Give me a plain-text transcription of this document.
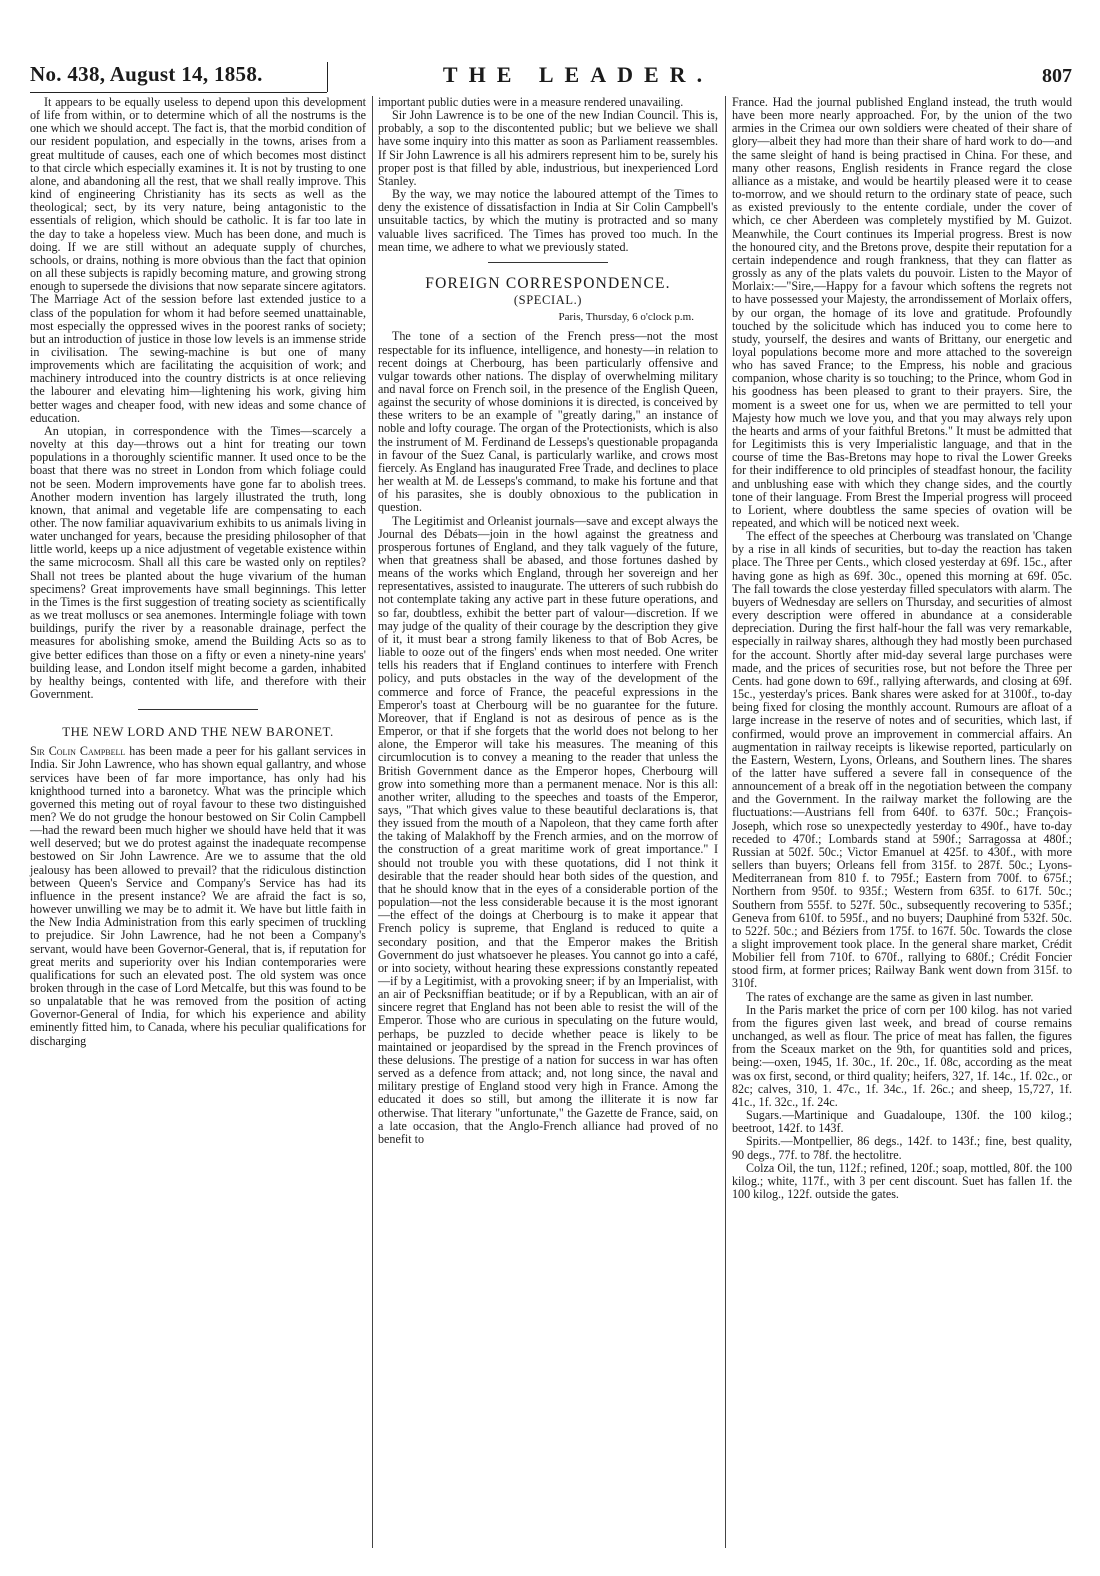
No. 438, August 14, 1858.	THE LEADER.	807

It appears to be equally useless to depend upon this development of life from within, or to determine which of all the nostrums is the one which we should accept. The fact is, that the morbid condition of our resident population, and especially in the towns, arises from a great multitude of causes, each one of which becomes most distinct to that circle which especially examines it. It is not by trusting to one alone, and abandoning all the rest, that we shall really improve. This kind of engineering Christianity has its sects as well as the theological; sect, by its very nature, being antagonistic to the essentials of religion, which should be catholic. It is far too late in the day to take a hopeless view. Much has been done, and much is doing. If we are still without an adequate supply of churches, schools, or drains, nothing is more obvious than the fact that opinion on all these subjects is rapidly becoming mature, and growing strong enough to supersede the divisions that now separate sincere agitators. The Marriage Act of the session before last extended justice to a class of the population for whom it had before seemed unattainable, most especially the oppressed wives in the poorest ranks of society; but an introduction of justice in those low levels is an immense stride in civilisation. The sewing-machine is but one of many improvements which are facilitating the acquisition of work; and machinery introduced into the country districts is at once relieving the labourer and elevating him—lightening his work, giving him better wages and cheaper food, with new ideas and some chance of education.

An utopian, in correspondence with the Times—scarcely a novelty at this day—throws out a hint for treating our town populations in a thoroughly scientific manner. It used once to be the boast that there was no street in London from which foliage could not be seen. Modern improvements have gone far to abolish trees. Another modern invention has largely illustrated the truth, long known, that animal and vegetable life are compensating to each other. The now familiar aquavivarium exhibits to us animals living in water unchanged for years, because the presiding philosopher of that little world, keeps up a nice adjustment of vegetable existence within the same microcosm. Shall all this care be wasted only on reptiles? Shall not trees be planted about the huge vivarium of the human specimens? Great improvements have small beginnings. This letter in the Times is the first suggestion of treating society as scientifically as we treat molluscs or sea anemones. Intermingle foliage with town buildings, purify the river by a reasonable drainage, perfect the measures for abolishing smoke, amend the Building Acts so as to give better edifices than those on a fifty or even a ninety-nine years' building lease, and London itself might become a garden, inhabited by healthy beings, contented with life, and therefore with their Government.

THE NEW LORD AND THE NEW BARONET.

Sir Colin Campbell has been made a peer for his gallant services in India. Sir John Lawrence, who has shown equal gallantry, and whose services have been of far more importance, has only had his knighthood turned into a baronetcy. What was the principle which governed this meting out of royal favour to these two distinguished men? We do not grudge the honour bestowed on Sir Colin Campbell—had the reward been much higher we should have held that it was well deserved; but we do protest against the inadequate recompense bestowed on Sir John Lawrence. Are we to assume that the old jealousy has been allowed to prevail? that the ridiculous distinction between Queen's Service and Company's Service has had its influence in the present instance? We are afraid the fact is so, however unwilling we may be to admit it. We have but little faith in the New India Administration from this early specimen of truckling to prejudice. Sir John Lawrence, had he not been a Company's servant, would have been Governor-General, that is, if reputation for great merits and superiority over his Indian contemporaries were qualifications for such an elevated post. The old system was once broken through in the case of Lord Metcalfe, but this was found to be so unpalatable that he was removed from the position of acting Governor-General of India, for which his experience and ability eminently fitted him, to Canada, where his peculiar qualifications for discharging

important public duties were in a measure rendered unavailing.

Sir John Lawrence is to be one of the new Indian Council. This is, probably, a sop to the discontented public; but we believe we shall have some inquiry into this matter as soon as Parliament reassembles. If Sir John Lawrence is all his admirers represent him to be, surely his proper post is that filled by able, industrious, but inexperienced Lord Stanley.

By the way, we may notice the laboured attempt of the Times to deny the existence of dissatisfaction in India at Sir Colin Campbell's unsuitable tactics, by which the mutiny is protracted and so many valuable lives sacrificed. The Times has proved too much. In the mean time, we adhere to what we previously stated.

FOREIGN CORRESPONDENCE.
(SPECIAL.)
Paris, Thursday, 6 o'clock p.m.

The tone of a section of the French press—not the most respectable for its influence, intelligence, and honesty—in relation to recent doings at Cherbourg, has been particularly offensive and vulgar towards other nations. The display of overwhelming military and naval force on French soil, in the presence of the English Queen, against the security of whose dominions it is directed, is conceived by these writers to be an example of "greatly daring," an instance of noble and lofty courage. The organ of the Protectionists, which is also the instrument of M. Ferdinand de Lesseps's questionable propaganda in favour of the Suez Canal, is particularly warlike, and crows most fiercely. As England has inaugurated Free Trade, and declines to place her wealth at M. de Lesseps's command, to make his fortune and that of his parasites, she is doubly obnoxious to the publication in question.

The Legitimist and Orleanist journals—save and except always the Journal des Débats—join in the howl against the greatness and prosperous fortunes of England, and they talk vaguely of the future, when that greatness shall be abased, and those fortunes dashed by means of the works which England, through her sovereign and her representatives, assisted to inaugurate. The utterers of such rubbish do not contemplate taking any active part in these future operations, and so far, doubtless, exhibit the better part of valour—discretion. If we may judge of the quality of their courage by the description they give of it, it must bear a strong family likeness to that of Bob Acres, be liable to ooze out of the fingers' ends when most needed. One writer tells his readers that if England continues to interfere with French policy, and puts obstacles in the way of the development of the commerce and force of France, the peaceful expressions in the Emperor's toast at Cherbourg will be no guarantee for the future. Moreover, that if England is not as desirous of pence as is the Emperor, or that if she forgets that the world does not belong to her alone, the Emperor will take his measures. The meaning of this circumlocution is to convey a meaning to the reader that unless the British Government dance as the Emperor hopes, Cherbourg will grow into something more than a permanent menace. Nor is this all: another writer, alluding to the speeches and toasts of the Emperor, says, "That which gives value to these beautiful declarations is, that they issued from the mouth of a Napoleon, that they came forth after the taking of Malakhoff by the French armies, and on the morrow of the construction of a great maritime work of great importance." I should not trouble you with these quotations, did I not think it desirable that the reader should hear both sides of the question, and that he should know that in the eyes of a considerable portion of the population—not the less considerable because it is the most ignorant—the effect of the doings at Cherbourg is to make it appear that French policy is supreme, that England is reduced to quite a secondary position, and that the Emperor makes the British Government do just whatsoever he pleases. You cannot go into a café, or into society, without hearing these expressions constantly repeated—if by a Legitimist, with a provoking sneer; if by an Imperialist, with an air of Pecksniffian beatitude; or if by a Republican, with an air of sincere regret that England has not been able to resist the will of the Emperor. Those who are curious in speculating on the future would, perhaps, be puzzled to decide whether peace is likely to be maintained or jeopardised by the spread in the French provinces of these delusions. The prestige of a nation for success in war has often served as a defence from attack; and, not long since, the naval and military prestige of England stood very high in France. Among the educated it does so still, but among the illiterate it is now far otherwise. That literary "unfortunate," the Gazette de France, said, on a late occasion, that the Anglo-French alliance had proved of no benefit to

France. Had the journal published England instead, the truth would have been more nearly approached. For, by the union of the two armies in the Crimea our own soldiers were cheated of their share of glory—albeit they had more than their share of hard work to do—and the same sleight of hand is being practised in China. For these, and many other reasons, English residents in France regard the close alliance as a mistake, and would be heartily pleased were it to cease to-morrow, and we should return to the ordinary state of peace, such as existed previously to the entente cordiale, under the cover of which, ce cher Aberdeen was completely mystified by M. Guizot. Meanwhile, the Court continues its Imperial progress. Brest is now the honoured city, and the Bretons prove, despite their reputation for a certain independence and rough frankness, that they can flatter as grossly as any of the plats valets du pouvoir. Listen to the Mayor of Morlaix:—"Sire,—Happy for a favour which softens the regrets not to have possessed your Majesty, the arrondissement of Morlaix offers, by our organ, the homage of its love and gratitude. Profoundly touched by the solicitude which has induced you to come here to study, yourself, the desires and wants of Brittany, our energetic and loyal populations become more and more attached to the sovereign who has saved France; to the Empress, his noble and gracious companion, whose charity is so touching; to the Prince, whom God in his goodness has been pleased to grant to their prayers. Sire, the moment is a sweet one for us, when we are permitted to tell your Majesty how much we love you, and that you may always rely upon the hearts and arms of your faithful Bretons." It must be admitted that for Legitimists this is very Imperialistic language, and that in the course of time the Bas-Bretons may hope to rival the Lower Greeks for their indifference to old principles of steadfast honour, the facility and unblushing ease with which they change sides, and the courtly tone of their language. From Brest the Imperial progress will proceed to Lorient, where doubtless the same species of ovation will be repeated, and which will be noticed next week.

The effect of the speeches at Cherbourg was translated on 'Change by a rise in all kinds of securities, but to-day the reaction has taken place. The Three per Cents., which closed yesterday at 69f. 15c., after having gone as high as 69f. 30c., opened this morning at 69f. 05c. The fall towards the close yesterday filled speculators with alarm. The buyers of Wednesday are sellers on Thursday, and securities of almost every description were offered in abundance at a considerable depreciation. During the first half-hour the fall was very remarkable, especially in railway shares, although they had mostly been purchased for the account. Shortly after mid-day several large purchases were made, and the prices of securities rose, but not before the Three per Cents. had gone down to 69f., rallying afterwards, and closing at 69f. 15c., yesterday's prices. Bank shares were asked for at 3100f., to-day being fixed for closing the monthly account. Rumours are afloat of a large increase in the reserve of notes and of securities, which last, if confirmed, would prove an improvement in commercial affairs. An augmentation in railway receipts is likewise reported, particularly on the Eastern, Western, Lyons, Orleans, and Southern lines. The shares of the latter have suffered a severe fall in consequence of the announcement of a break off in the negotiation between the company and the Government. In the railway market the following are the fluctuations:—Austrians fell from 640f. to 637f. 50c.; François-Joseph, which rose so unexpectedly yesterday to 490f., have to-day receded to 470f.; Lombards stand at 590f.; Sarragossa at 480f.; Russian at 502f. 50c.; Victor Emanuel at 425f. to 430f., with more sellers than buyers; Orleans fell from 315f. to 287f. 50c.; Lyons-Mediterranean from 810 f. to 795f.; Eastern from 700f. to 675f.; Northern from 950f. to 935f.; Western from 635f. to 617f. 50c.; Southern from 555f. to 527f. 50c., subsequently recovering to 535f.; Geneva from 610f. to 595f., and no buyers; Dauphiné from 532f. 50c. to 522f. 50c.; and Béziers from 175f. to 167f. 50c. Towards the close a slight improvement took place. In the general share market, Crédit Mobilier fell from 710f. to 670f., rallying to 680f.; Crédit Foncier stood firm, at former prices; Railway Bank went down from 315f. to 310f.

The rates of exchange are the same as given in last number.

In the Paris market the price of corn per 100 kilog. has not varied from the figures given last week, and bread of course remains unchanged, as well as flour. The price of meat has fallen, the figures from the Sceaux market on the 9th, for quantities sold and prices, being:—oxen, 1945, 1f. 30c., 1f. 20c., 1f. 08c, according as the meat was ox first, second, or third quality; heifers, 327, 1f. 14c., 1f. 02c., or 82c; calves, 310, 1. 47c., 1f. 34c., 1f. 26c.; and sheep, 15,727, 1f. 41c., 1f. 32c., 1f. 24c.

Sugars.—Martinique and Guadaloupe, 130f. the 100 kilog.; beetroot, 142f. to 143f.

Spirits.—Montpellier, 86 degs., 142f. to 143f.; fine, best quality, 90 degs., 77f. to 78f. the hectolitre.

Colza Oil, the tun, 112f.; refined, 120f.; soap, mottled, 80f. the 100 kilog.; white, 117f., with 3 per cent discount. Suet has fallen 1f. the 100 kilog., 122f. outside the gates.
